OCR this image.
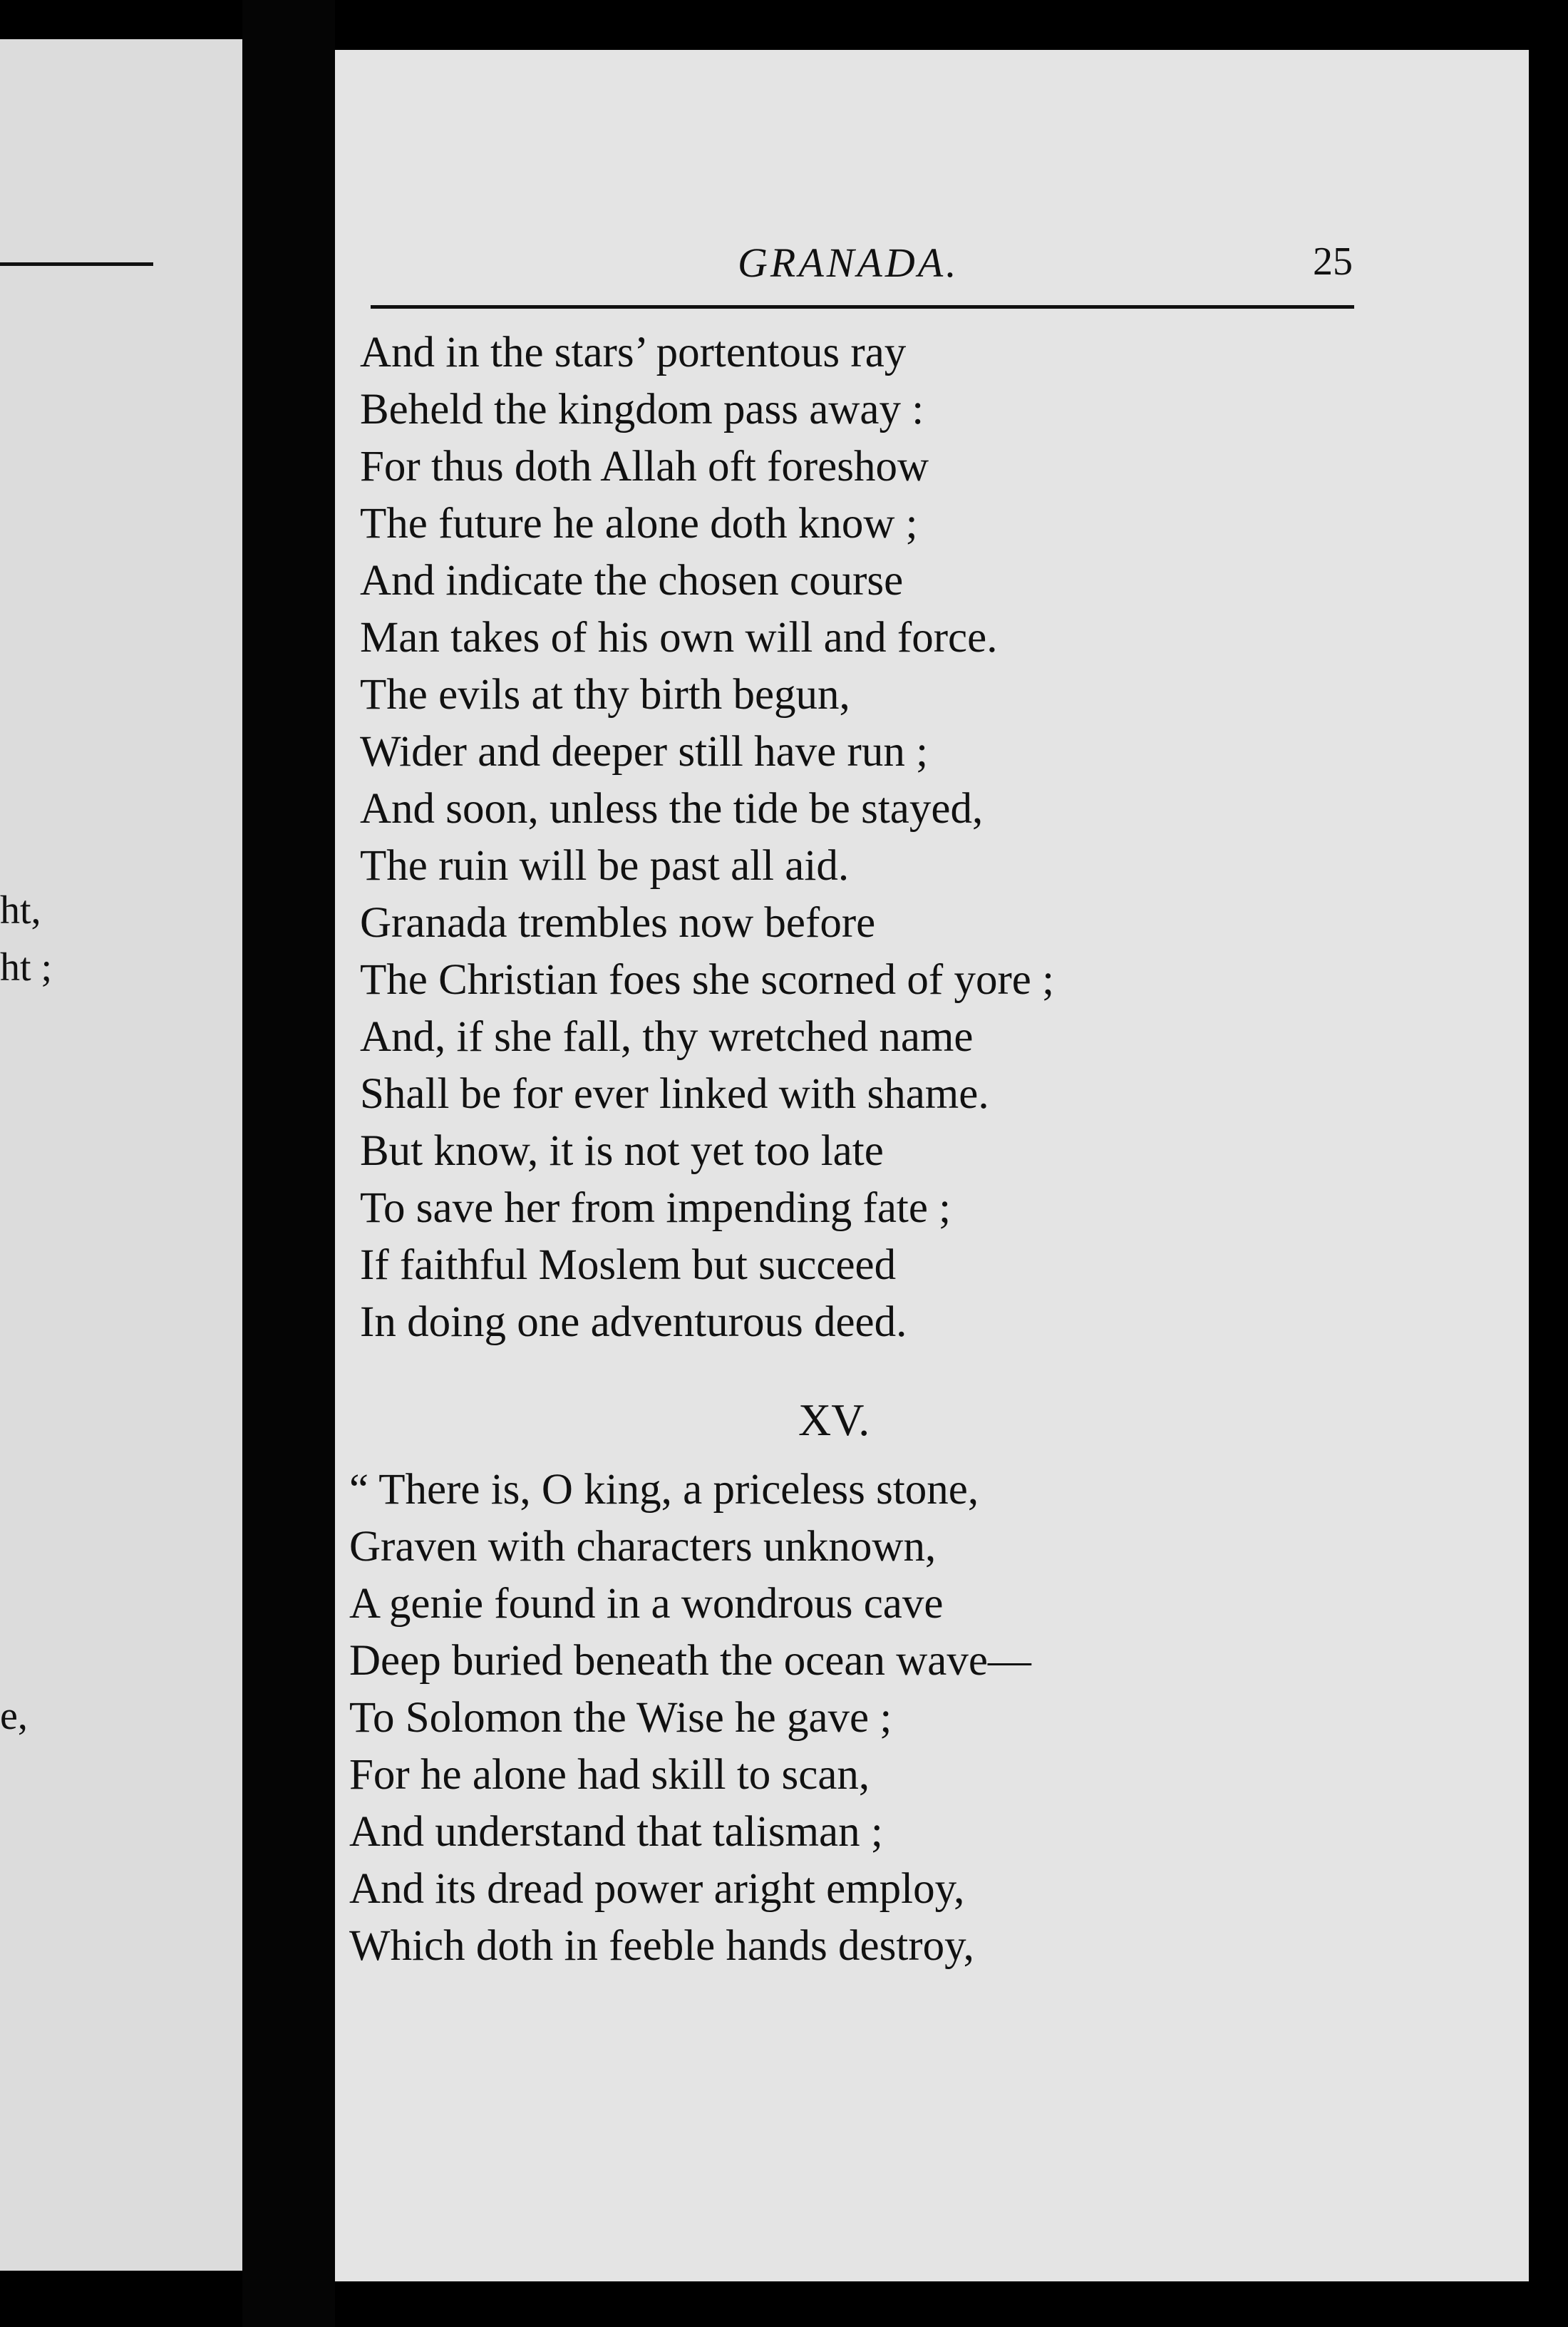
ht,
ht ;
e,
GRANADA.	25
And in the stars’ portentous ray
Beheld the kingdom pass away :
For thus doth Allah oft foreshow
The future he alone doth know ;
And indicate the chosen course
Man takes of his own will and force.
The evils at thy birth begun,
Wider and deeper still have run ;
And soon, unless the tide be stayed,
The ruin will be past all aid.
Granada trembles now before
The Christian foes she scorned of yore ;
And, if she fall, thy wretched name
Shall be for ever linked with shame.
But know, it is not yet too late
To save her from impending fate ;
If faithful Moslem but succeed
In doing one adventurous deed.
XV.
“ There is, O king, a priceless stone,
Graven with characters unknown,
A genie found in a wondrous cave
Deep buried beneath the ocean wave—
To Solomon the Wise he gave ;
For he alone had skill to scan,
And understand that talisman ;
And its dread power aright employ,
Which doth in feeble hands destroy,
